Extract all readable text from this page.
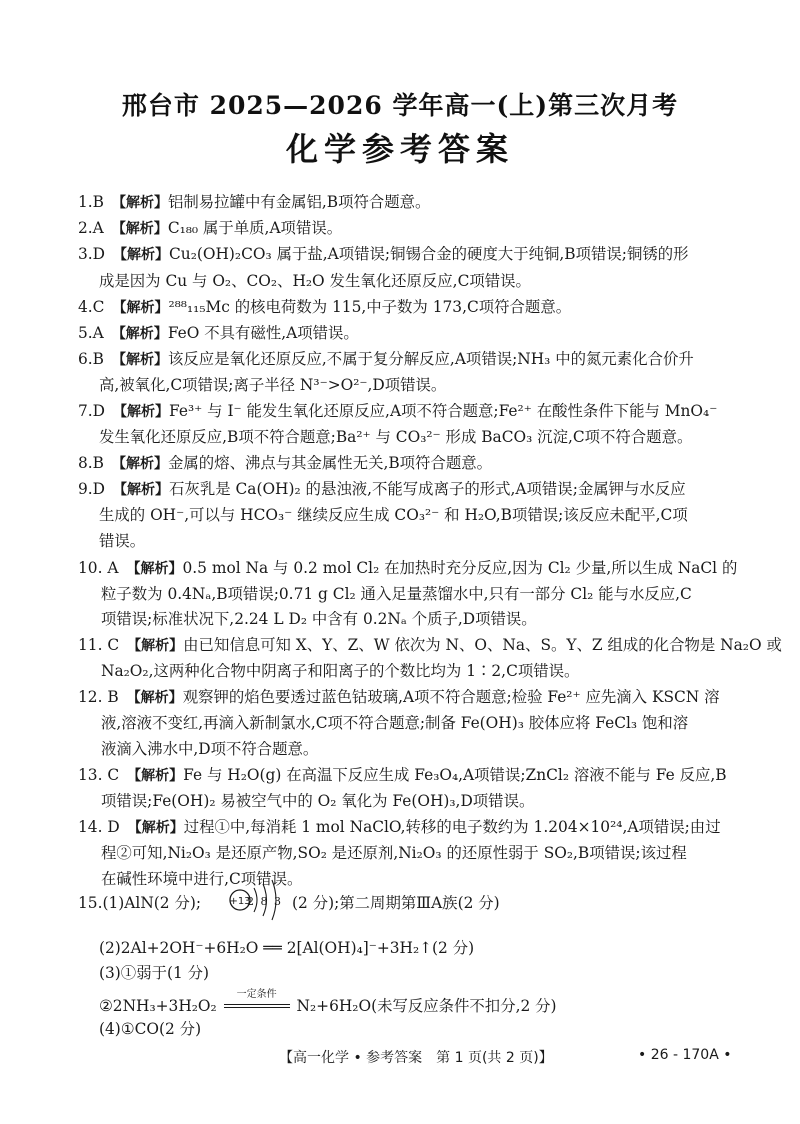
邢台市 2025—2026 学年高一(上)第三次月考
化学参考答案
1.B 【解析】铝制易拉罐中有金属铝,B项符合题意。
2.A 【解析】C₁₈₀ 属于单质,A项错误。
3.D 【解析】Cu₂(OH)₂CO₃ 属于盐,A项错误;铜锡合金的硬度大于纯铜,B项错误;铜锈的形
成是因为 Cu 与 O₂、CO₂、H₂O 发生氧化还原反应,C项错误。
4.C 【解析】²⁸⁸₁₁₅Mc 的核电荷数为 115,中子数为 173,C项符合题意。
5.A 【解析】FeO 不具有磁性,A项错误。
6.B 【解析】该反应是氧化还原反应,不属于复分解反应,A项错误;NH₃ 中的氮元素化合价升
高,被氧化,C项错误;离子半径 N³⁻>O²⁻,D项错误。
7.D 【解析】Fe³⁺ 与 I⁻ 能发生氧化还原反应,A项不符合题意;Fe²⁺ 在酸性条件下能与 MnO₄⁻
发生氧化还原反应,B项不符合题意;Ba²⁺ 与 CO₃²⁻ 形成 BaCO₃ 沉淀,C项不符合题意。
8.B 【解析】金属的熔、沸点与其金属性无关,B项符合题意。
9.D 【解析】石灰乳是 Ca(OH)₂ 的悬浊液,不能写成离子的形式,A项错误;金属钾与水反应
生成的 OH⁻,可以与 HCO₃⁻ 继续反应生成 CO₃²⁻ 和 H₂O,B项错误;该反应未配平,C项
错误。
10. A 【解析】0.5 mol Na 与 0.2 mol Cl₂ 在加热时充分反应,因为 Cl₂ 少量,所以生成 NaCl 的
粒子数为 0.4Nₐ,B项错误;0.71 g Cl₂ 通入足量蒸馏水中,只有一部分 Cl₂ 能与水反应,C
项错误;标准状况下,2.24 L D₂ 中含有 0.2Nₐ 个质子,D项错误。
11. C 【解析】由已知信息可知 X、Y、Z、W 依次为 N、O、Na、S。Y、Z 组成的化合物是 Na₂O 或
Na₂O₂,这两种化合物中阴离子和阳离子的个数比均为 1∶2,C项错误。
12. B 【解析】观察钾的焰色要透过蓝色钴玻璃,A项不符合题意;检验 Fe²⁺ 应先滴入 KSCN 溶
液,溶液不变红,再滴入新制氯水,C项不符合题意;制备 Fe(OH)₃ 胶体应将 FeCl₃ 饱和溶
液滴入沸水中,D项不符合题意。
13. C 【解析】Fe 与 H₂O(g) 在高温下反应生成 Fe₃O₄,A项错误;ZnCl₂ 溶液不能与 Fe 反应,B
项错误;Fe(OH)₂ 易被空气中的 O₂ 氧化为 Fe(OH)₃,D项错误。
14. D 【解析】过程①中,每消耗 1 mol NaClO,转移的电子数约为 1.204×10²⁴,A项错误;由过
程②可知,Ni₂O₃ 是还原产物,SO₂ 是还原剂,Ni₂O₃ 的还原性弱于 SO₂,B项错误;该过程
在碱性环境中进行,C项错误。
15.(1)AlN(2 分);	+13
2 8 3 (2 分);第二周期第ⅢA族(2 分)
(2)2Al+2OH⁻+6H₂O ══ 2[Al(OH)₄]⁻+3H₂↑(2 分)
(3)①弱于(1 分)
②2NH₃+3H₂O₂
一定条件
N₂+6H₂O(未写反应条件不扣分,2 分)
(4)①CO(2 分)
【高一化学 • 参考答案　第 1 页(共 2 页)】	• 26 - 170A •
